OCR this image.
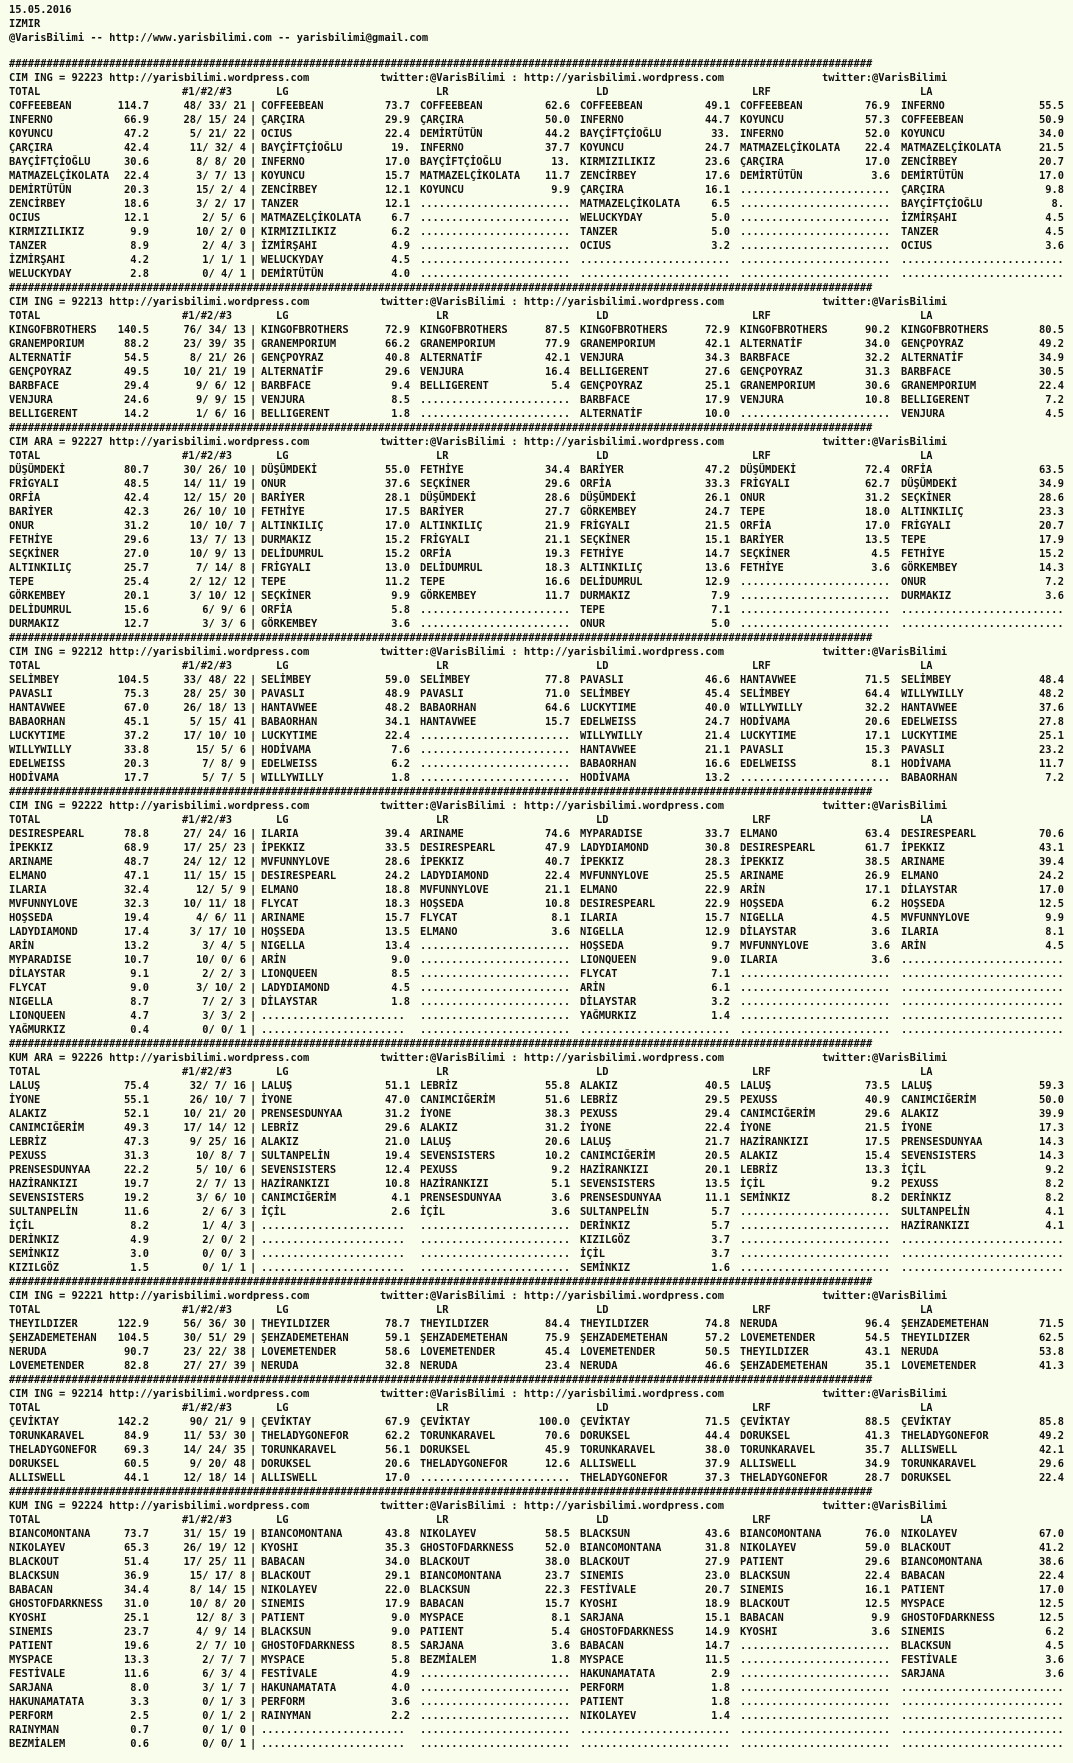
15.05.2016
IZMIR
@VarisBilimi -- http://www.yarisbilimi.com -- yarisbilimi@gmail.com
##########################################################################################################################################
CIM ING = 92223 http://yarisbilimi.wordpress.com	twitter:@VarisBilimi : http://yarisbilimi.wordpress.com	twitter:@VarisBilimi
TOTAL	#1/#2/#3	LG	LR	LD	LRF	LA
COFFEEBEAN	114.7	48/ 33/ 21 | COFFEEBEAN	73.7 COFFEEBEAN	62.6 COFFEEBEAN	49.1 COFFEEBEAN	76.9 INFERNO	55.5
INFERNO	66.9	28/ 15/ 24 | ÇARÇIRA	29.9 ÇARÇIRA	50.0 INFERNO	44.7 KOYUNCU	57.3 COFFEEBEAN	50.9
KOYUNCU	47.2	5/ 21/ 22 | OCIUS	22.4 DEMİRTÜTÜN	44.2 BAYÇİFTÇİOĞLU	33. INFERNO	52.0 KOYUNCU	34.0
ÇARÇIRA	42.4	11/ 32/ 4 | BAYÇİFTÇİOĞLU	19. INFERNO	37.7 KOYUNCU	24.7 MATMAZELÇİKOLATA	22.4 MATMAZELÇİKOLATA	21.5
BAYÇİFTÇİOĞLU	30.6	8/ 8/ 20 | INFERNO	17.0 BAYÇİFTÇİOĞLU	13. KIRMIZILIKIZ	23.6 ÇARÇIRA	17.0 ZENCİRBEY	20.7
MATMAZELÇİKOLATA	22.4	3/ 7/ 13 | KOYUNCU	15.7 MATMAZELÇİKOLATA	11.7 ZENCİRBEY	17.6 DEMİRTÜTÜN	3.6 DEMİRTÜTÜN	17.0
DEMİRTÜTÜN	20.3	15/ 2/ 4 | ZENCİRBEY	12.1 KOYUNCU	9.9 ÇARÇIRA	16.1 ........................ ÇARÇIRA	9.8
ZENCİRBEY	18.6	3/ 2/ 17 | TANZER	12.1 ........................ MATMAZELÇİKOLATA	6.5 ........................ BAYÇİFTÇİOĞLU	8.
OCIUS	12.1	2/ 5/ 6 | MATMAZELÇİKOLATA	6.7 ........................ WELUCKYDAY	5.0 ........................ İZMİRŞAHI	4.5
KIRMIZILIKIZ	9.9	10/ 2/ 0 | KIRMIZILIKIZ	6.2 ........................ TANZER	5.0 ........................ TANZER	4.5
TANZER	8.9	2/ 4/ 3 | İZMİRŞAHI	4.9 ........................ OCIUS	3.2 ........................ OCIUS	3.6
İZMİRŞAHI	4.2	1/ 1/ 1 | WELUCKYDAY	4.5 ........................ ........................ ........................ ..........................
WELUCKYDAY	2.8	0/ 4/ 1 | DEMİRTÜTÜN	4.0 ........................ ........................ ........................ ..........................
##########################################################################################################################################
CIM ING = 92213 http://yarisbilimi.wordpress.com	twitter:@VarisBilimi : http://yarisbilimi.wordpress.com	twitter:@VarisBilimi
TOTAL	#1/#2/#3	LG	LR	LD	LRF	LA
KINGOFBROTHERS	140.5	76/ 34/ 13 | KINGOFBROTHERS	72.9 KINGOFBROTHERS	87.5 KINGOFBROTHERS	72.9 KINGOFBROTHERS	90.2 KINGOFBROTHERS	80.5
GRANEMPORIUM	88.2	23/ 39/ 35 | GRANEMPORIUM	66.2 GRANEMPORIUM	77.9 GRANEMPORIUM	42.1 ALTERNATİF	34.0 GENÇPOYRAZ	49.2
ALTERNATİF	54.5	8/ 21/ 26 | GENÇPOYRAZ	40.8 ALTERNATİF	42.1 VENJURA	34.3 BARBFACE	32.2 ALTERNATİF	34.9
GENÇPOYRAZ	49.5	10/ 21/ 19 | ALTERNATİF	29.6 VENJURA	16.4 BELLIGERENT	27.6 GENÇPOYRAZ	31.3 BARBFACE	30.5
BARBFACE	29.4	9/ 6/ 12 | BARBFACE	9.4 BELLIGERENT	5.4 GENÇPOYRAZ	25.1 GRANEMPORIUM	30.6 GRANEMPORIUM	22.4
VENJURA	24.6	9/ 9/ 15 | VENJURA	8.5 ........................ BARBFACE	17.9 VENJURA	10.8 BELLIGERENT	7.2
BELLIGERENT	14.2	1/ 6/ 16 | BELLIGERENT	1.8 ........................ ALTERNATİF	10.0 ........................ VENJURA	4.5
##########################################################################################################################################
CIM ARA = 92227 http://yarisbilimi.wordpress.com	twitter:@VarisBilimi : http://yarisbilimi.wordpress.com	twitter:@VarisBilimi
TOTAL	#1/#2/#3	LG	LR	LD	LRF	LA
DÜŞÜMDEKİ	80.7	30/ 26/ 10 | DÜŞÜMDEKİ	55.0 FETHİYE	34.4 BARİYER	47.2 DÜŞÜMDEKİ	72.4 ORFİA	63.5
FRİGYALI	48.5	14/ 11/ 19 | ONUR	37.6 SEÇKİNER	29.6 ORFİA	33.3 FRİGYALI	62.7 DÜŞÜMDEKİ	34.9
ORFİA	42.4	12/ 15/ 20 | BARİYER	28.1 DÜŞÜMDEKİ	28.6 DÜŞÜMDEKİ	26.1 ONUR	31.2 SEÇKİNER	28.6
BARİYER	42.3	26/ 10/ 10 | FETHİYE	17.5 BARİYER	27.7 GÖRKEMBEY	24.7 TEPE	18.0 ALTINKILIÇ	23.3
ONUR	31.2	10/ 10/ 7 | ALTINKILIÇ	17.0 ALTINKILIÇ	21.9 FRİGYALI	21.5 ORFİA	17.0 FRİGYALI	20.7
FETHİYE	29.6	13/ 7/ 13 | DURMAKIZ	15.2 FRİGYALI	21.1 SEÇKİNER	15.1 BARİYER	13.5 TEPE	17.9
SEÇKİNER	27.0	10/ 9/ 13 | DELİDUMRUL	15.2 ORFİA	19.3 FETHİYE	14.7 SEÇKİNER	4.5 FETHİYE	15.2
ALTINKILIÇ	25.7	7/ 14/ 8 | FRİGYALI	13.0 DELİDUMRUL	18.3 ALTINKILIÇ	13.6 FETHİYE	3.6 GÖRKEMBEY	14.3
TEPE	25.4	2/ 12/ 12 | TEPE	11.2 TEPE	16.6 DELİDUMRUL	12.9 ........................ ONUR	7.2
GÖRKEMBEY	20.1	3/ 10/ 12 | SEÇKİNER	9.9 GÖRKEMBEY	11.7 DURMAKIZ	7.9 ........................ DURMAKIZ	3.6
DELİDUMRUL	15.6	6/ 9/ 6 | ORFİA	5.8 ........................ TEPE	7.1 ........................ ..........................
DURMAKIZ	12.7	3/ 3/ 6 | GÖRKEMBEY	3.6 ........................ ONUR	5.0 ........................ ..........................
##########################################################################################################################################
CIM ING = 92212 http://yarisbilimi.wordpress.com	twitter:@VarisBilimi : http://yarisbilimi.wordpress.com	twitter:@VarisBilimi
TOTAL	#1/#2/#3	LG	LR	LD	LRF	LA
SELİMBEY	104.5	33/ 48/ 22 | SELİMBEY	59.0 SELİMBEY	77.8 PAVASLI	46.6 HANTAVWEE	71.5 SELİMBEY	48.4
PAVASLI	75.3	28/ 25/ 30 | PAVASLI	48.9 PAVASLI	71.0 SELİMBEY	45.4 SELİMBEY	64.4 WILLYWILLY	48.2
HANTAVWEE	67.0	26/ 18/ 13 | HANTAVWEE	48.2 BABAORHAN	64.6 LUCKYTIME	40.0 WILLYWILLY	32.2 HANTAVWEE	37.6
BABAORHAN	45.1	5/ 15/ 41 | BABAORHAN	34.1 HANTAVWEE	15.7 EDELWEISS	24.7 HODİVAMA	20.6 EDELWEISS	27.8
LUCKYTIME	37.2	17/ 10/ 10 | LUCKYTIME	22.4 ........................ WILLYWILLY	21.4 LUCKYTIME	17.1 LUCKYTIME	25.1
WILLYWILLY	33.8	15/ 5/ 6 | HODİVAMA	7.6 ........................ HANTAVWEE	21.1 PAVASLI	15.3 PAVASLI	23.2
EDELWEISS	20.3	7/ 8/ 9 | EDELWEISS	6.2 ........................ BABAORHAN	16.6 EDELWEISS	8.1 HODİVAMA	11.7
HODİVAMA	17.7	5/ 7/ 5 | WILLYWILLY	1.8 ........................ HODİVAMA	13.2 ........................ BABAORHAN	7.2
##########################################################################################################################################
CIM ING = 92222 http://yarisbilimi.wordpress.com	twitter:@VarisBilimi : http://yarisbilimi.wordpress.com	twitter:@VarisBilimi
TOTAL	#1/#2/#3	LG	LR	LD	LRF	LA
DESIRESPEARL	78.8	27/ 24/ 16 | ILARIA	39.4 ARINAME	74.6 MYPARADISE	33.7 ELMANO	63.4 DESIRESPEARL	70.6
İPEKKIZ	68.9	17/ 25/ 23 | İPEKKIZ	33.5 DESIRESPEARL	47.9 LADYDIAMOND	30.8 DESIRESPEARL	61.7 İPEKKIZ	43.1
ARINAME	48.7	24/ 12/ 12 | MVFUNNYLOVE	28.6 İPEKKIZ	40.7 İPEKKIZ	28.3 İPEKKIZ	38.5 ARINAME	39.4
ELMANO	47.1	11/ 15/ 15 | DESIRESPEARL	24.2 LADYDIAMOND	22.4 MVFUNNYLOVE	25.5 ARINAME	26.9 ELMANO	24.2
ILARIA	32.4	12/ 5/ 9 | ELMANO	18.8 MVFUNNYLOVE	21.1 ELMANO	22.9 ARİN	17.1 DİLAYSTAR	17.0
MVFUNNYLOVE	32.3	10/ 11/ 18 | FLYCAT	18.3 HOŞSEDA	10.8 DESIRESPEARL	22.9 HOŞSEDA	6.2 HOŞSEDA	12.5
HOŞSEDA	19.4	4/ 6/ 11 | ARINAME	15.7 FLYCAT	8.1 ILARIA	15.7 NIGELLA	4.5 MVFUNNYLOVE	9.9
LADYDIAMOND	17.4	3/ 17/ 10 | HOŞSEDA	13.5 ELMANO	3.6 NIGELLA	12.9 DİLAYSTAR	3.6 ILARIA	8.1
ARİN	13.2	3/ 4/ 5 | NIGELLA	13.4 ........................ HOŞSEDA	9.7 MVFUNNYLOVE	3.6 ARİN	4.5
MYPARADISE	10.7	10/ 0/ 6 | ARİN	9.0 ........................ LIONQUEEN	9.0 ILARIA	3.6 ..........................
DİLAYSTAR	9.1	2/ 2/ 3 | LIONQUEEN	8.5 ........................ FLYCAT	7.1 ........................ ..........................
FLYCAT	9.0	3/ 10/ 2 | LADYDIAMOND	4.5 ........................ ARİN	6.1 ........................ ..........................
NIGELLA	8.7	7/ 2/ 3 | DİLAYSTAR	1.8 ........................ DİLAYSTAR	3.2 ........................ ..........................
LIONQUEEN	4.7	3/ 3/ 2 | ....................... ........................ YAĞMURKIZ	1.4 ........................ ..........................
YAĞMURKIZ	0.4	0/ 0/ 1 | ....................... ........................ ........................ ........................ ..........................
##########################################################################################################################################
KUM ARA = 92226 http://yarisbilimi.wordpress.com	twitter:@VarisBilimi : http://yarisbilimi.wordpress.com	twitter:@VarisBilimi
TOTAL	#1/#2/#3	LG	LR	LD	LRF	LA
LALUŞ	75.4	32/ 7/ 16 | LALUŞ	51.1 LEBRİZ	55.8 ALAKIZ	40.5 LALUŞ	73.5 LALUŞ	59.3
İYONE	55.1	26/ 10/ 7 | İYONE	47.0 CANIMCIĞERİM	51.6 LEBRİZ	29.5 PEXUSS	40.9 CANIMCIĞERİM	50.0
ALAKIZ	52.1	10/ 21/ 20 | PRENSESDUNYAA	31.2 İYONE	38.3 PEXUSS	29.4 CANIMCIĞERİM	29.6 ALAKIZ	39.9
CANIMCIĞERİM	49.3	17/ 14/ 12 | LEBRİZ	29.6 ALAKIZ	31.2 İYONE	22.4 İYONE	21.5 İYONE	17.3
LEBRİZ	47.3	9/ 25/ 16 | ALAKIZ	21.0 LALUŞ	20.6 LALUŞ	21.7 HAZİRANKIZI	17.5 PRENSESDUNYAA	14.3
PEXUSS	31.3	10/ 8/ 7 | SULTANPELİN	19.4 SEVENSISTERS	10.2 CANIMCIĞERİM	20.5 ALAKIZ	15.4 SEVENSISTERS	14.3
PRENSESDUNYAA	22.2	5/ 10/ 6 | SEVENSISTERS	12.4 PEXUSS	9.2 HAZİRANKIZI	20.1 LEBRİZ	13.3 İÇİL	9.2
HAZİRANKIZI	19.7	2/ 7/ 13 | HAZİRANKIZI	10.8 HAZİRANKIZI	5.1 SEVENSISTERS	13.5 İÇİL	9.2 PEXUSS	8.2
SEVENSISTERS	19.2	3/ 6/ 10 | CANIMCIĞERİM	4.1 PRENSESDUNYAA	3.6 PRENSESDUNYAA	11.1 SEMİNKIZ	8.2 DERİNKIZ	8.2
SULTANPELİN	11.6	2/ 6/ 3 | İÇİL	2.6 İÇİL	3.6 SULTANPELİN	5.7 ........................ SULTANPELİN	4.1
İÇİL	8.2	1/ 4/ 3 | ....................... ........................ DERİNKIZ	5.7 ........................ HAZİRANKIZI	4.1
DERİNKIZ	4.9	2/ 0/ 2 | ....................... ........................ KIZILGÖZ	3.7 ........................ ..........................
SEMİNKIZ	3.0	0/ 0/ 3 | ....................... ........................ İÇİL	3.7 ........................ ..........................
KIZILGÖZ	1.5	0/ 1/ 1 | ....................... ........................ SEMİNKIZ	1.6 ........................ ..........................
##########################################################################################################################################
CIM ING = 92221 http://yarisbilimi.wordpress.com	twitter:@VarisBilimi : http://yarisbilimi.wordpress.com	twitter:@VarisBilimi
TOTAL	#1/#2/#3	LG	LR	LD	LRF	LA
THEYILDIZER	122.9	56/ 36/ 30 | THEYILDIZER	78.7 THEYILDIZER	84.4 THEYILDIZER	74.8 NERUDA	96.4 ŞEHZADEMETEHAN	71.5
ŞEHZADEMETEHAN	104.5	30/ 51/ 29 | ŞEHZADEMETEHAN	59.1 ŞEHZADEMETEHAN	75.9 ŞEHZADEMETEHAN	57.2 LOVEMETENDER	54.5 THEYILDIZER	62.5
NERUDA	90.7	23/ 22/ 38 | LOVEMETENDER	58.6 LOVEMETENDER	45.4 LOVEMETENDER	50.5 THEYILDIZER	43.1 NERUDA	53.8
LOVEMETENDER	82.8	27/ 27/ 39 | NERUDA	32.8 NERUDA	23.4 NERUDA	46.6 ŞEHZADEMETEHAN	35.1 LOVEMETENDER	41.3
##########################################################################################################################################
CIM ING = 92214 http://yarisbilimi.wordpress.com	twitter:@VarisBilimi : http://yarisbilimi.wordpress.com	twitter:@VarisBilimi
TOTAL	#1/#2/#3	LG	LR	LD	LRF	LA
ÇEVİKTAY	142.2	90/ 21/ 9 | ÇEVİKTAY	67.9 ÇEVİKTAY	100.0 ÇEVİKTAY	71.5 ÇEVİKTAY	88.5 ÇEVİKTAY	85.8
TORUNKARAVEL	84.9	11/ 53/ 30 | THELADYGONEFOR	62.2 TORUNKARAVEL	70.6 DORUKSEL	44.4 DORUKSEL	41.3 THELADYGONEFOR	49.2
THELADYGONEFOR	69.3	14/ 24/ 35 | TORUNKARAVEL	56.1 DORUKSEL	45.9 TORUNKARAVEL	38.0 TORUNKARAVEL	35.7 ALLISWELL	42.1
DORUKSEL	60.5	9/ 20/ 48 | DORUKSEL	20.6 THELADYGONEFOR	12.6 ALLISWELL	37.9 ALLISWELL	34.9 TORUNKARAVEL	29.6
ALLISWELL	44.1	12/ 18/ 14 | ALLISWELL	17.0 ........................ THELADYGONEFOR	37.3 THELADYGONEFOR	28.7 DORUKSEL	22.4
##########################################################################################################################################
KUM ING = 92224 http://yarisbilimi.wordpress.com	twitter:@VarisBilimi : http://yarisbilimi.wordpress.com	twitter:@VarisBilimi
TOTAL	#1/#2/#3	LG	LR	LD	LRF	LA
BIANCOMONTANA	73.7	31/ 15/ 19 | BIANCOMONTANA	43.8 NIKOLAYEV	58.5 BLACKSUN	43.6 BIANCOMONTANA	76.0 NIKOLAYEV	67.0
NIKOLAYEV	65.3	26/ 19/ 12 | KYOSHI	35.3 GHOSTOFDARKNESS	52.0 BIANCOMONTANA	31.8 NIKOLAYEV	59.0 BLACKOUT	41.2
BLACKOUT	51.4	17/ 25/ 11 | BABACAN	34.0 BLACKOUT	38.0 BLACKOUT	27.9 PATIENT	29.6 BIANCOMONTANA	38.6
BLACKSUN	36.9	15/ 17/ 8 | BLACKOUT	29.1 BIANCOMONTANA	23.7 SINEMIS	23.0 BLACKSUN	22.4 BABACAN	22.4
BABACAN	34.4	8/ 14/ 15 | NIKOLAYEV	22.0 BLACKSUN	22.3 FESTİVALE	20.7 SINEMIS	16.1 PATIENT	17.0
GHOSTOFDARKNESS	31.0	10/ 8/ 20 | SINEMIS	17.9 BABACAN	15.7 KYOSHI	18.9 BLACKOUT	12.5 MYSPACE	12.5
KYOSHI	25.1	12/ 8/ 3 | PATIENT	9.0 MYSPACE	8.1 SARJANA	15.1 BABACAN	9.9 GHOSTOFDARKNESS	12.5
SINEMIS	23.7	4/ 9/ 14 | BLACKSUN	9.0 PATIENT	5.4 GHOSTOFDARKNESS	14.9 KYOSHI	3.6 SINEMIS	6.2
PATIENT	19.6	2/ 7/ 10 | GHOSTOFDARKNESS	8.5 SARJANA	3.6 BABACAN	14.7 ........................ BLACKSUN	4.5
MYSPACE	13.3	2/ 7/ 7 | MYSPACE	5.8 BEZMİALEM	1.8 MYSPACE	11.5 ........................ FESTİVALE	3.6
FESTİVALE	11.6	6/ 3/ 4 | FESTİVALE	4.9 ........................ HAKUNAMATATA	2.9 ........................ SARJANA	3.6
SARJANA	8.0	3/ 1/ 7 | HAKUNAMATATA	4.0 ........................ PERFORM	1.8 ........................ ..........................
HAKUNAMATATA	3.3	0/ 1/ 3 | PERFORM	3.6 ........................ PATIENT	1.8 ........................ ..........................
PERFORM	2.5	0/ 1/ 2 | RAINYMAN	2.2 ........................ NIKOLAYEV	1.4 ........................ ..........................
RAINYMAN	0.7	0/ 1/ 0 | ....................... ........................ ........................ ........................ ..........................
BEZMİALEM	0.6	0/ 0/ 1 | ....................... ........................ ........................ ........................ ..........................
